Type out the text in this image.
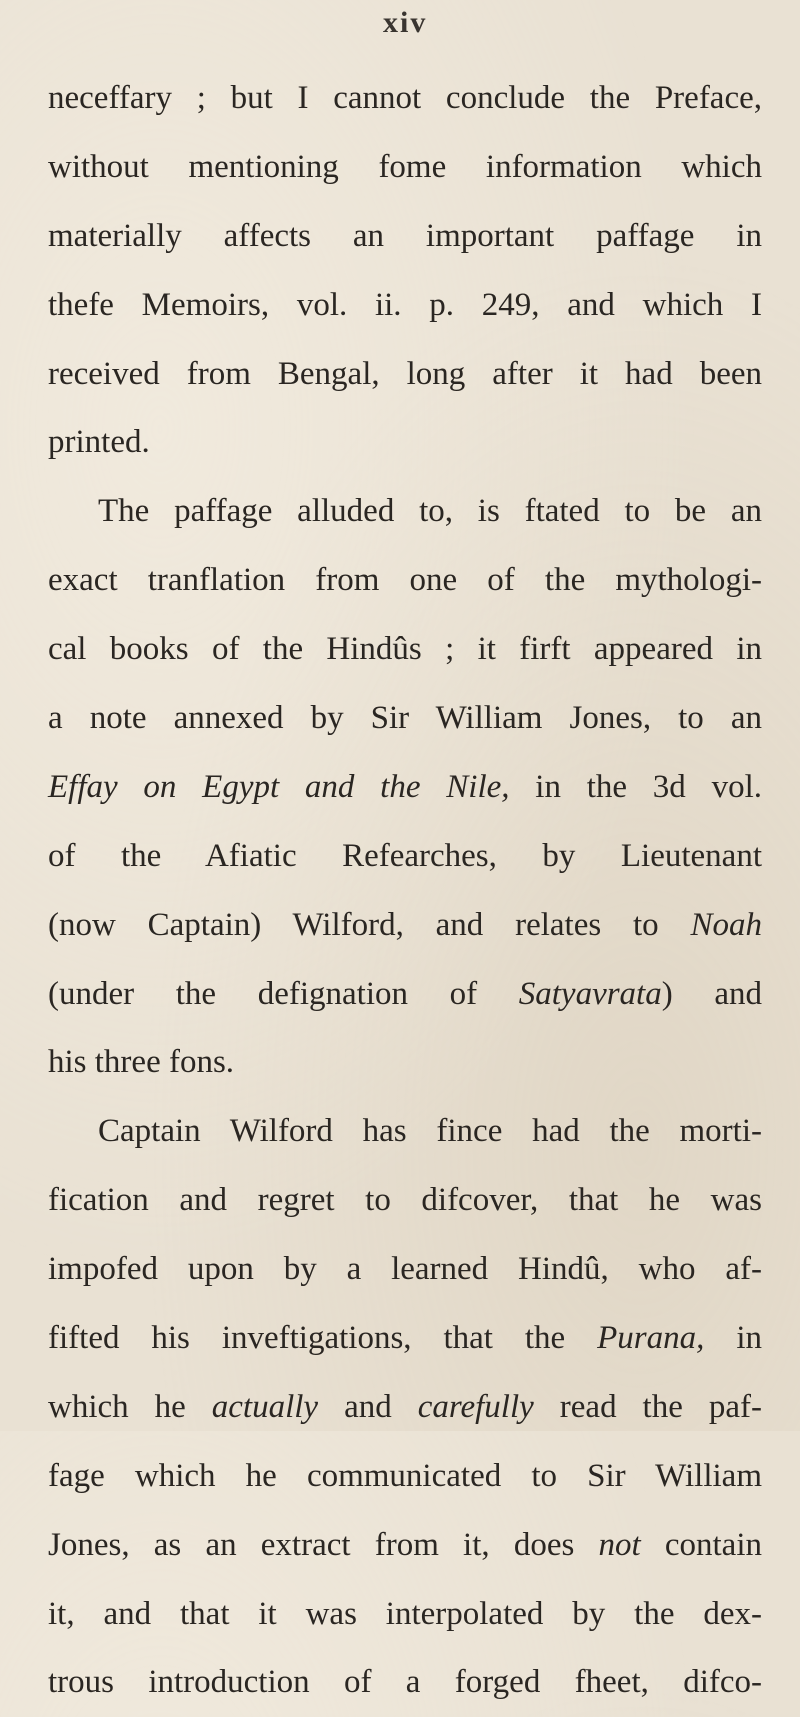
xiv
neceffary ; but I cannot conclude the Preface,
without mentioning fome information which
materially affects an important paffage in
thefe Memoirs, vol. ii. p. 249, and which I
received from Bengal, long after it had been
printed.
The paffage alluded to, is ftated to be an
exact tranflation from one of the mythologi-
cal books of the Hindûs ; it firft appeared in
a note annexed by Sir William Jones, to an
Effay on Egypt and the Nile, in the 3d vol.
of the Afiatic Refearches, by Lieutenant
(now Captain) Wilford, and relates to Noah
(under the defignation of Satyavrata) and
his three fons.
Captain Wilford has fince had the morti-
fication and regret to difcover, that he was
impofed upon by a learned Hindû, who af-
fifted his inveftigations, that the Purana, in
which he actually and carefully read the paf-
fage which he communicated to Sir William
Jones, as an extract from it, does not contain
it, and that it was interpolated by the dex-
trous introduction of a forged fheet, difco-
